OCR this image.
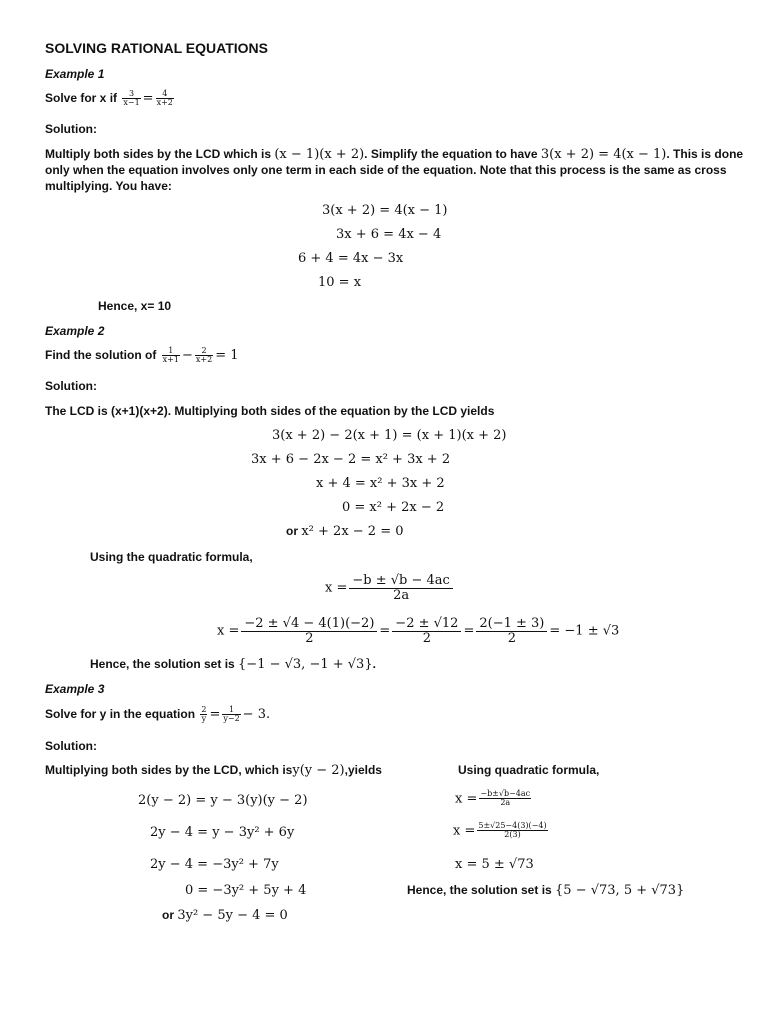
SOLVING RATIONAL EQUATIONS
Example 1
Solve for x if $\frac{3}{x-1} = \frac{4}{x+2}$
Solution:
Multiply both sides by the LCD which is (x − 1)(x + 2). Simplify the equation to have 3(x + 2) = 4(x − 1). This is done
only when the equation involves only one term in each side of the equation. Note that this process is the same as cross
multiplying. You have:
3(x + 2) = 4(x − 1)
3x + 6 = 4x − 4
6 + 4 = 4x − 3x
10 = x
Hence, x= 10
Example 2
Find the solution of $\frac{1}{x+1} - \frac{2}{x+2} = 1$
Solution:
The LCD is (x+1)(x+2). Multiplying both sides of the equation by the LCD yields
3(x + 2) − 2(x + 1) = (x + 1)(x + 2)
3x + 6 − 2x − 2 = x² + 3x + 2
x + 4 = x² + 3x + 2
0 = x² + 2x − 2
or x² + 2x − 2 = 0
Using the quadratic formula,
$x = \frac{-b \pm √b - 4ac}{2a}$
$x = \frac{-2 \pm √4 - 4(1)(-2)}{2} = \frac{-2 \pm √12}{2} = \frac{2(-1 \pm 3)}{2} = -1 \pm √3$
Hence, the solution set is {−1 − √3, −1 + √3}.
Example 3
Solve for y in the equation $\frac{2}{y} = \frac{1}{y-2} - 3$.
Solution:
Multiplying both sides by the LCD, which isy(y − 2),yields	Using quadratic formula,
2(y − 2) = y − 3(y)(y − 2)
2y − 4 = y − 3y² + 6y
2y − 4 = −3y² + 7y
0 = −3y² + 5y + 4
or 3y² − 5y − 4 = 0
$x = \frac{-b\pm√b-4ac}{2a}$
$x = \frac{5\pm√25-4(3)(-4)}{2(3)}$
x = 5 ± √73
Hence, the solution set is {5 − √73, 5 + √73}
